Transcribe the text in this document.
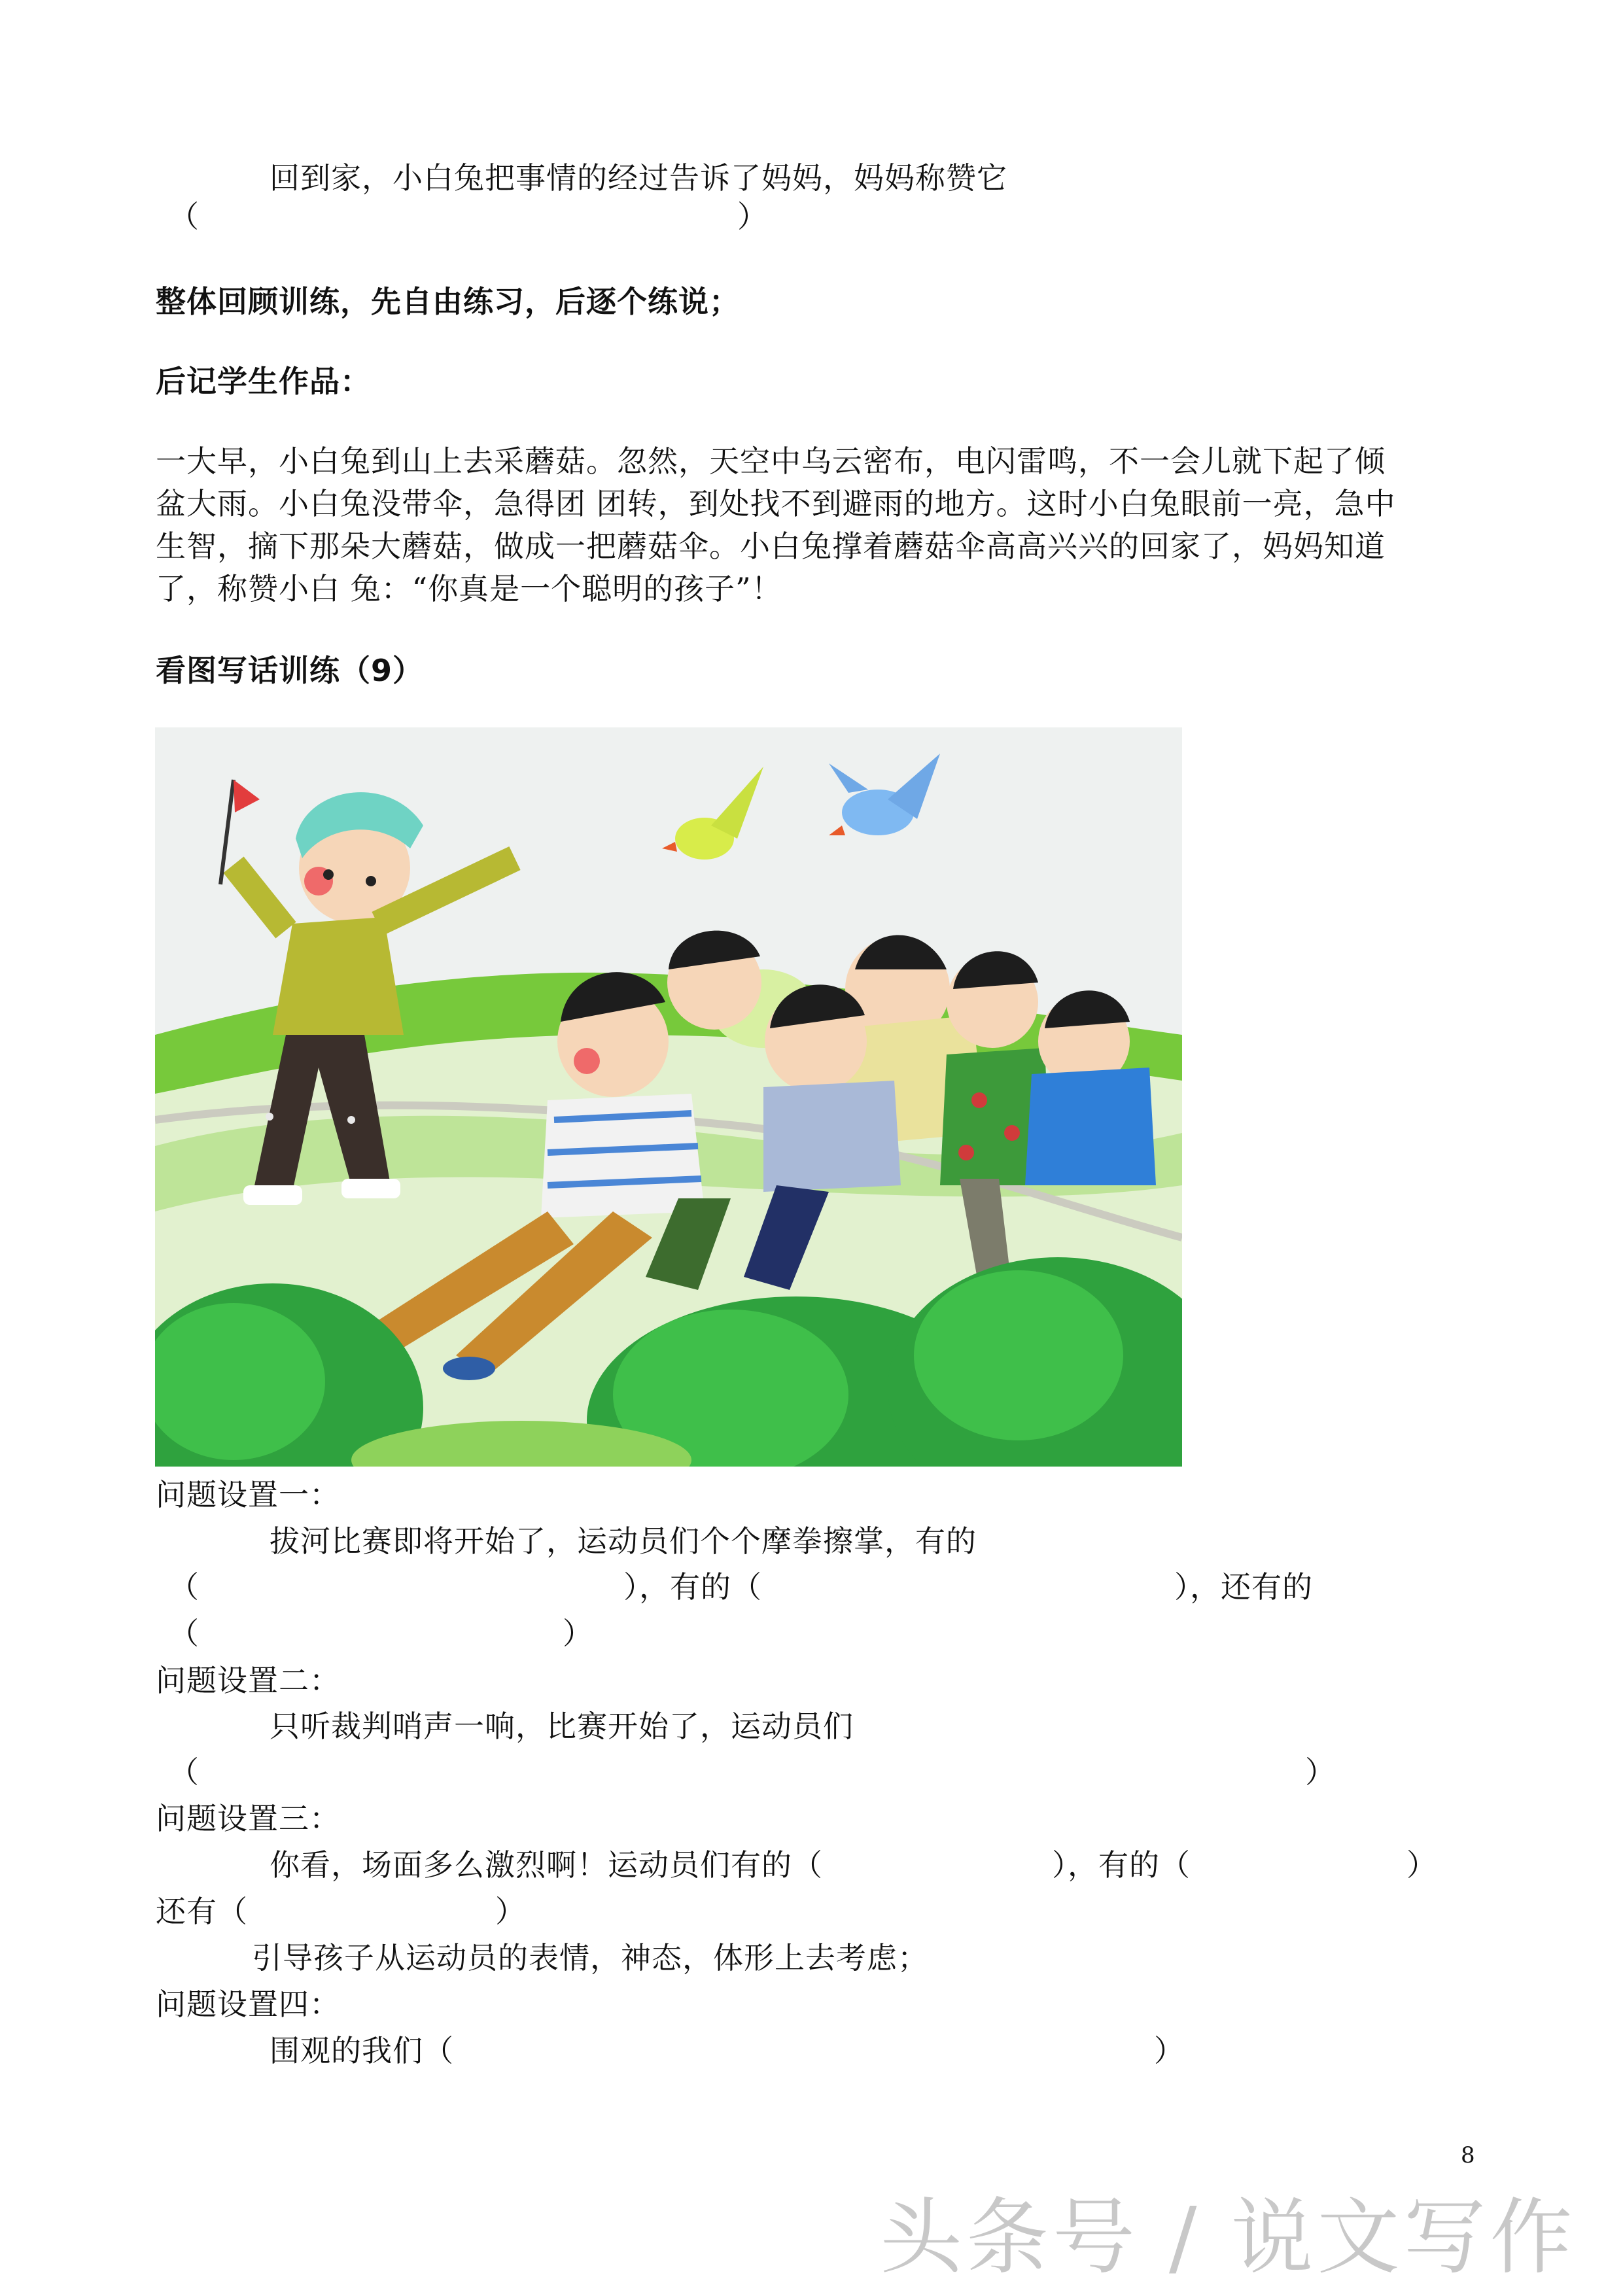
回到家，小白兔把事情的经过告诉了妈妈，妈妈称赞它
（	）
整体回顾训练，先自由练习，后逐个练说；
后记学生作品：
一大早，小白兔到山上去采蘑菇。忽然，天空中乌云密布，电闪雷鸣，不一会儿就下起了倾
盆大雨。小白兔没带伞，急得团 团转，到处找不到避雨的地方。这时小白兔眼前一亮，急中
生智，摘下那朵大蘑菇，做成一把蘑菇伞。小白兔撑着蘑菇伞高高兴兴的回家了，妈妈知道
了，称赞小白 兔：“你真是一个聪明的孩子”！
看图写话训练（9）
问题设置一：
拔河比赛即将开始了，运动员们个个摩拳擦掌，有的
（	），有的（	），还有的
（	）
问题设置二：
只听裁判哨声一响，比赛开始了，运动员们
（	）
问题设置三：
你看，场面多么激烈啊！运动员们有的（	），有的（	）
还有（	）
引导孩子从运动员的表情，神态，体形上去考虑；
问题设置四：
围观的我们（	）
8
头条号 / 说文写作
